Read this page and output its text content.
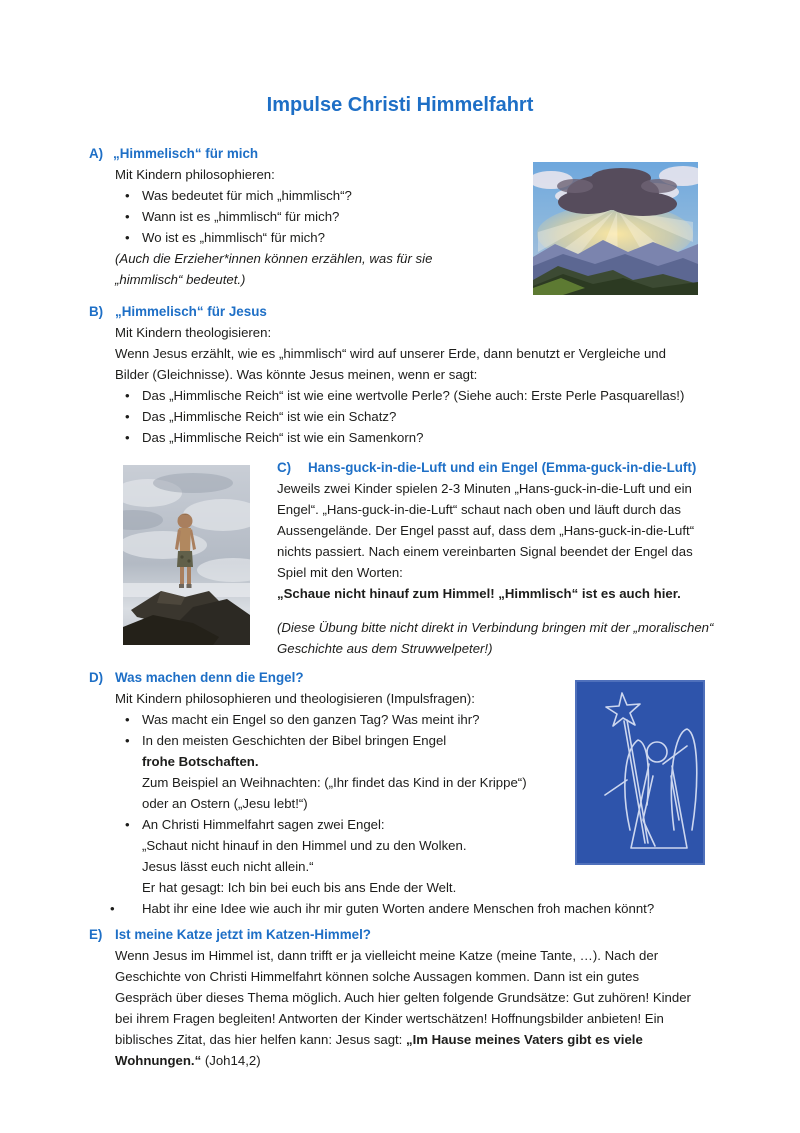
Impulse Christi Himmelfahrt
A) „Himmelisch“ für mich

Mit Kindern philosophieren:

• Was bedeutet für mich „himmlisch“?
• Wann ist es „himmlisch“ für mich?
• Wo ist es „himmlisch“ für mich?

(Auch die Erzieher*innen können erzählen, was für sie „himmlisch“ bedeutet.)

B) „Himmelisch“ für Jesus

Mit Kindern theologisieren:

Wenn Jesus erzählt, wie es „himmlisch“ wird auf unserer Erde, dann benutzt er Vergleiche und Bilder (Gleichnisse). Was könnte Jesus meinen, wenn er sagt:

• Das „Himmlische Reich“ ist wie eine wertvolle Perle? (Siehe auch: Erste Perle Pasquarellas!)
• Das „Himmlische Reich“ ist wie ein Schatz?
• Das „Himmlische Reich“ ist wie ein Samenkorn?
C)	Hans-guck-in-die-Luft und ein Engel (Emma-guck-in-die-Luft)

Jeweils zwei Kinder spielen 2-3 Minuten „Hans-guck-in-die-Luft und ein Engel“. „Hans-guck-in-die-Luft“ schaut nach oben und läuft durch das Aussengelände. Der Engel passt auf, dass dem „Hans-guck-in-die-Luft“ nichts passiert. Nach einem vereinbarten Signal beendet der Engel das Spiel mit den Worten:

„Schaue nicht hinauf zum Himmel! „Himmlisch“ ist es auch hier.

(Diese Übung bitte nicht direkt in Verbindung bringen mit der „moralischen“ Geschichte aus dem Struwwelpeter!)

D) Was machen denn die Engel?

Mit Kindern philosophieren und theologisieren (Impulsfragen):

• Was macht ein Engel so den ganzen Tag? Was meint ihr?
• In den meisten Geschichten der Bibel bringen Engel
frohe Botschaften.
Zum Beispiel an Weihnachten: („Ihr findet das Kind in der Krippe“)
oder an Ostern („Jesu lebt!“)
• An Christi Himmelfahrt sagen zwei Engel:
„Schaut nicht hinauf in den Himmel und zu den Wolken.
Jesus lässt euch nicht allein.“
Er hat gesagt: Ich bin bei euch bis ans Ende der Welt.
•	Habt ihr eine Idee wie auch ihr mir guten Worten andere Menschen froh machen könnt?
E) Ist meine Katze jetzt im Katzen-Himmel?

Wenn Jesus im Himmel ist, dann trifft er ja vielleicht meine Katze (meine Tante, …). Nach der Geschichte von Christi Himmelfahrt können solche Aussagen kommen. Dann ist ein gutes Gespräch über dieses Thema möglich. Auch hier gelten folgende Grundsätze: Gut zuhören! Kinder bei ihrem Fragen begleiten! Antworten der Kinder wertschätzen! Hoffnungsbilder anbieten! Ein biblisches Zitat, das hier helfen kann: Jesus sagt: „Im Hause meines Vaters gibt es viele Wohnungen.“ (Joh14,2)
